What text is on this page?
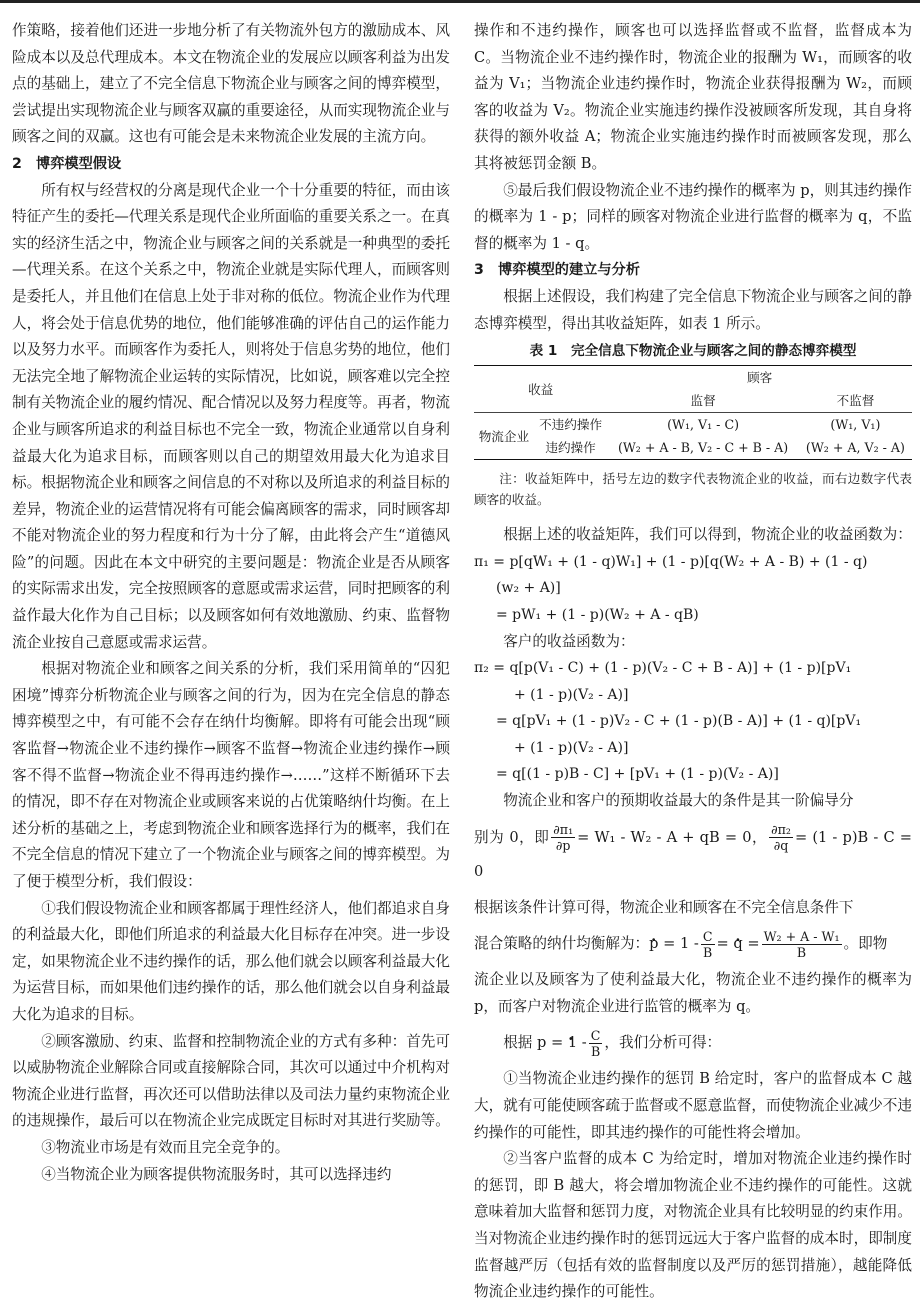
作策略，接着他们还进一步地分析了有关物流外包方的激励成本、风险成本以及总代理成本。本文在物流企业的发展应以顾客利益为出发点的基础上，建立了不完全信息下物流企业与顾客之间的博弈模型，尝试提出实现物流企业与顾客双赢的重要途径，从而实现物流企业与顾客之间的双赢。这也有可能会是未来物流企业发展的主流方向。

2　博弈模型假设

所有权与经营权的分离是现代企业一个十分重要的特征，而由该特征产生的委托—代理关系是现代企业所面临的重要关系之一。在真实的经济生活之中，物流企业与顾客之间的关系就是一种典型的委托—代理关系。在这个关系之中，物流企业就是实际代理人，而顾客则是委托人，并且他们在信息上处于非对称的低位。物流企业作为代理人，将会处于信息优势的地位，他们能够准确的评估自己的运作能力以及努力水平。而顾客作为委托人，则将处于信息劣势的地位，他们无法完全地了解物流企业运转的实际情况，比如说，顾客难以完全控制有关物流企业的履约情况、配合情况以及努力程度等。再者，物流企业与顾客所追求的利益目标也不完全一致，物流企业通常以自身利益最大化为追求目标，而顾客则以自己的期望效用最大化为追求目标。根据物流企业和顾客之间信息的不对称以及所追求的利益目标的差异，物流企业的运营情况将有可能会偏离顾客的需求，同时顾客却不能对物流企业的努力程度和行为十分了解，由此将会产生“道德风险”的问题。因此在本文中研究的主要问题是：物流企业是否从顾客的实际需求出发，完全按照顾客的意愿或需求运营，同时把顾客的利益作最大化作为自己目标；以及顾客如何有效地激励、约束、监督物流企业按自己意愿或需求运营。

根据对物流企业和顾客之间关系的分析，我们采用简单的“囚犯困境”博弈分析物流企业与顾客之间的行为，因为在完全信息的静态博弈模型之中，有可能不会存在纳什均衡解。即将有可能会出现“顾客监督→物流企业不违约操作→顾客不监督→物流企业违约操作→顾客不得不监督→物流企业不得再违约操作→……”这样不断循环下去的情况，即不存在对物流企业或顾客来说的占优策略纳什均衡。在上述分析的基础之上，考虑到物流企业和顾客选择行为的概率，我们在不完全信息的情况下建立了一个物流企业与顾客之间的博弈模型。为了便于模型分析，我们假设：

①我们假设物流企业和顾客都属于理性经济人，他们都追求自身的利益最大化，即他们所追求的利益最大化目标存在冲突。进一步设定，如果物流企业不违约操作的话，那么他们就会以顾客利益最大化为运营目标，而如果他们违约操作的话，那么他们就会以自身利益最大化为追求的目标。

②顾客激励、约束、监督和控制物流企业的方式有多种：首先可以威胁物流企业解除合同或直接解除合同，其次可以通过中介机构对物流企业进行监督，再次还可以借助法律以及司法力量约束物流企业的违规操作，最后可以在物流企业完成既定目标时对其进行奖励等。

③物流业市场是有效而且完全竞争的。

④当物流企业为顾客提供物流服务时，其可以选择违约

操作和不违约操作，顾客也可以选择监督或不监督，监督成本为 C。当物流企业不违约操作时，物流企业的报酬为 W₁，而顾客的收益为 V₁；当物流企业违约操作时，物流企业获得报酬为 W₂，而顾客的收益为 V₂。物流企业实施违约操作没被顾客所发现，其自身将获得的额外收益 A；物流企业实施违约操作时而被顾客发现，那么其将被惩罚金额 B。

⑤最后我们假设物流企业不违约操作的概率为 p，则其违约操作的概率为 1 - p；同样的顾客对物流企业进行监督的概率为 q，不监督的概率为 1 - q。

3　博弈模型的建立与分析

根据上述假设，我们构建了完全信息下物流企业与顾客之间的静态博弈模型，得出其收益矩阵，如表 1 所示。

表 1　完全信息下物流企业与顾客之间的静态博弈模型
收益		顾客	
		监督	不监督
物流企业	不违约操作	(W₁, V₁ - C)	(W₁, V₁)
	违约操作	(W₂ + A - B, V₂ - C + B - A)	(W₂ + A, V₂ - A)

注：收益矩阵中，括号左边的数字代表物流企业的收益，而右边数字代表顾客的收益。

根据上述的收益矩阵，我们可以得到，物流企业的收益函数为：

π₁ = p[qW₁ + (1 - q)W₁] + (1 - p)[q(W₂ + A - B) + (1 - q)
(w₂ + A)]
= pW₁ + (1 - p)(W₂ + A - qB)

客户的收益函数为：

π₂ = q[p(V₁ - C) + (1 - p)(V₂ - C + B - A)] + (1 - p)[pV₁
+ (1 - p)(V₂ - A)]
= q[pV₁ + (1 - p)V₂ - C + (1 - p)(B - A)] + (1 - q)[pV₁
+ (1 - p)(V₂ - A)]
= q[(1 - p)B - C] + [pV₁ + (1 - p)(V₂ - A)]

物流企业和客户的预期收益最大的条件是其一阶偏导分

别为 0，即 $\frac{\text{∂π₁}}{\partial p} = W_1 - W_2 - A$ + qB = 0， $\frac{\text{∂π₂}}{\partial q} = (1 - p)B - C = 0$

根据该条件计算可得，物流企业和顾客在不完全信息条件下

混合策略的纳什均衡解为：· $p = 1 - \frac{C}{B}$ = · $q = \frac{\text{W₂ + A - W₁}}{B}$ 。即物

流企业以及顾客为了使利益最大化，物流企业不违约操作的概率为 p，而客户对物流企业进行监管的概率为 q。

根据 · $p = 1 - \frac{C}{B}$ ，我们分析可得：

①当物流企业违约操作的惩罚 B 给定时，客户的监督成本 C 越大，就有可能使顾客疏于监督或不愿意监督，而使物流企业减少不违约操作的可能性，即其违约操作的可能性将会增加。

②当客户监督的成本 C 为给定时，增加对物流企业违约操作时的惩罚，即 B 越大，将会增加物流企业不违约操作的可能性。这就意味着加大监督和惩罚力度，对物流企业具有比较明显的约束作用。当对物流企业违约操作时的惩罚远远大于客户监督的成本时，即制度监督越严厉（包括有效的监督制度以及严厉的惩罚措施），越能降低物流企业违约操作的可能性。
